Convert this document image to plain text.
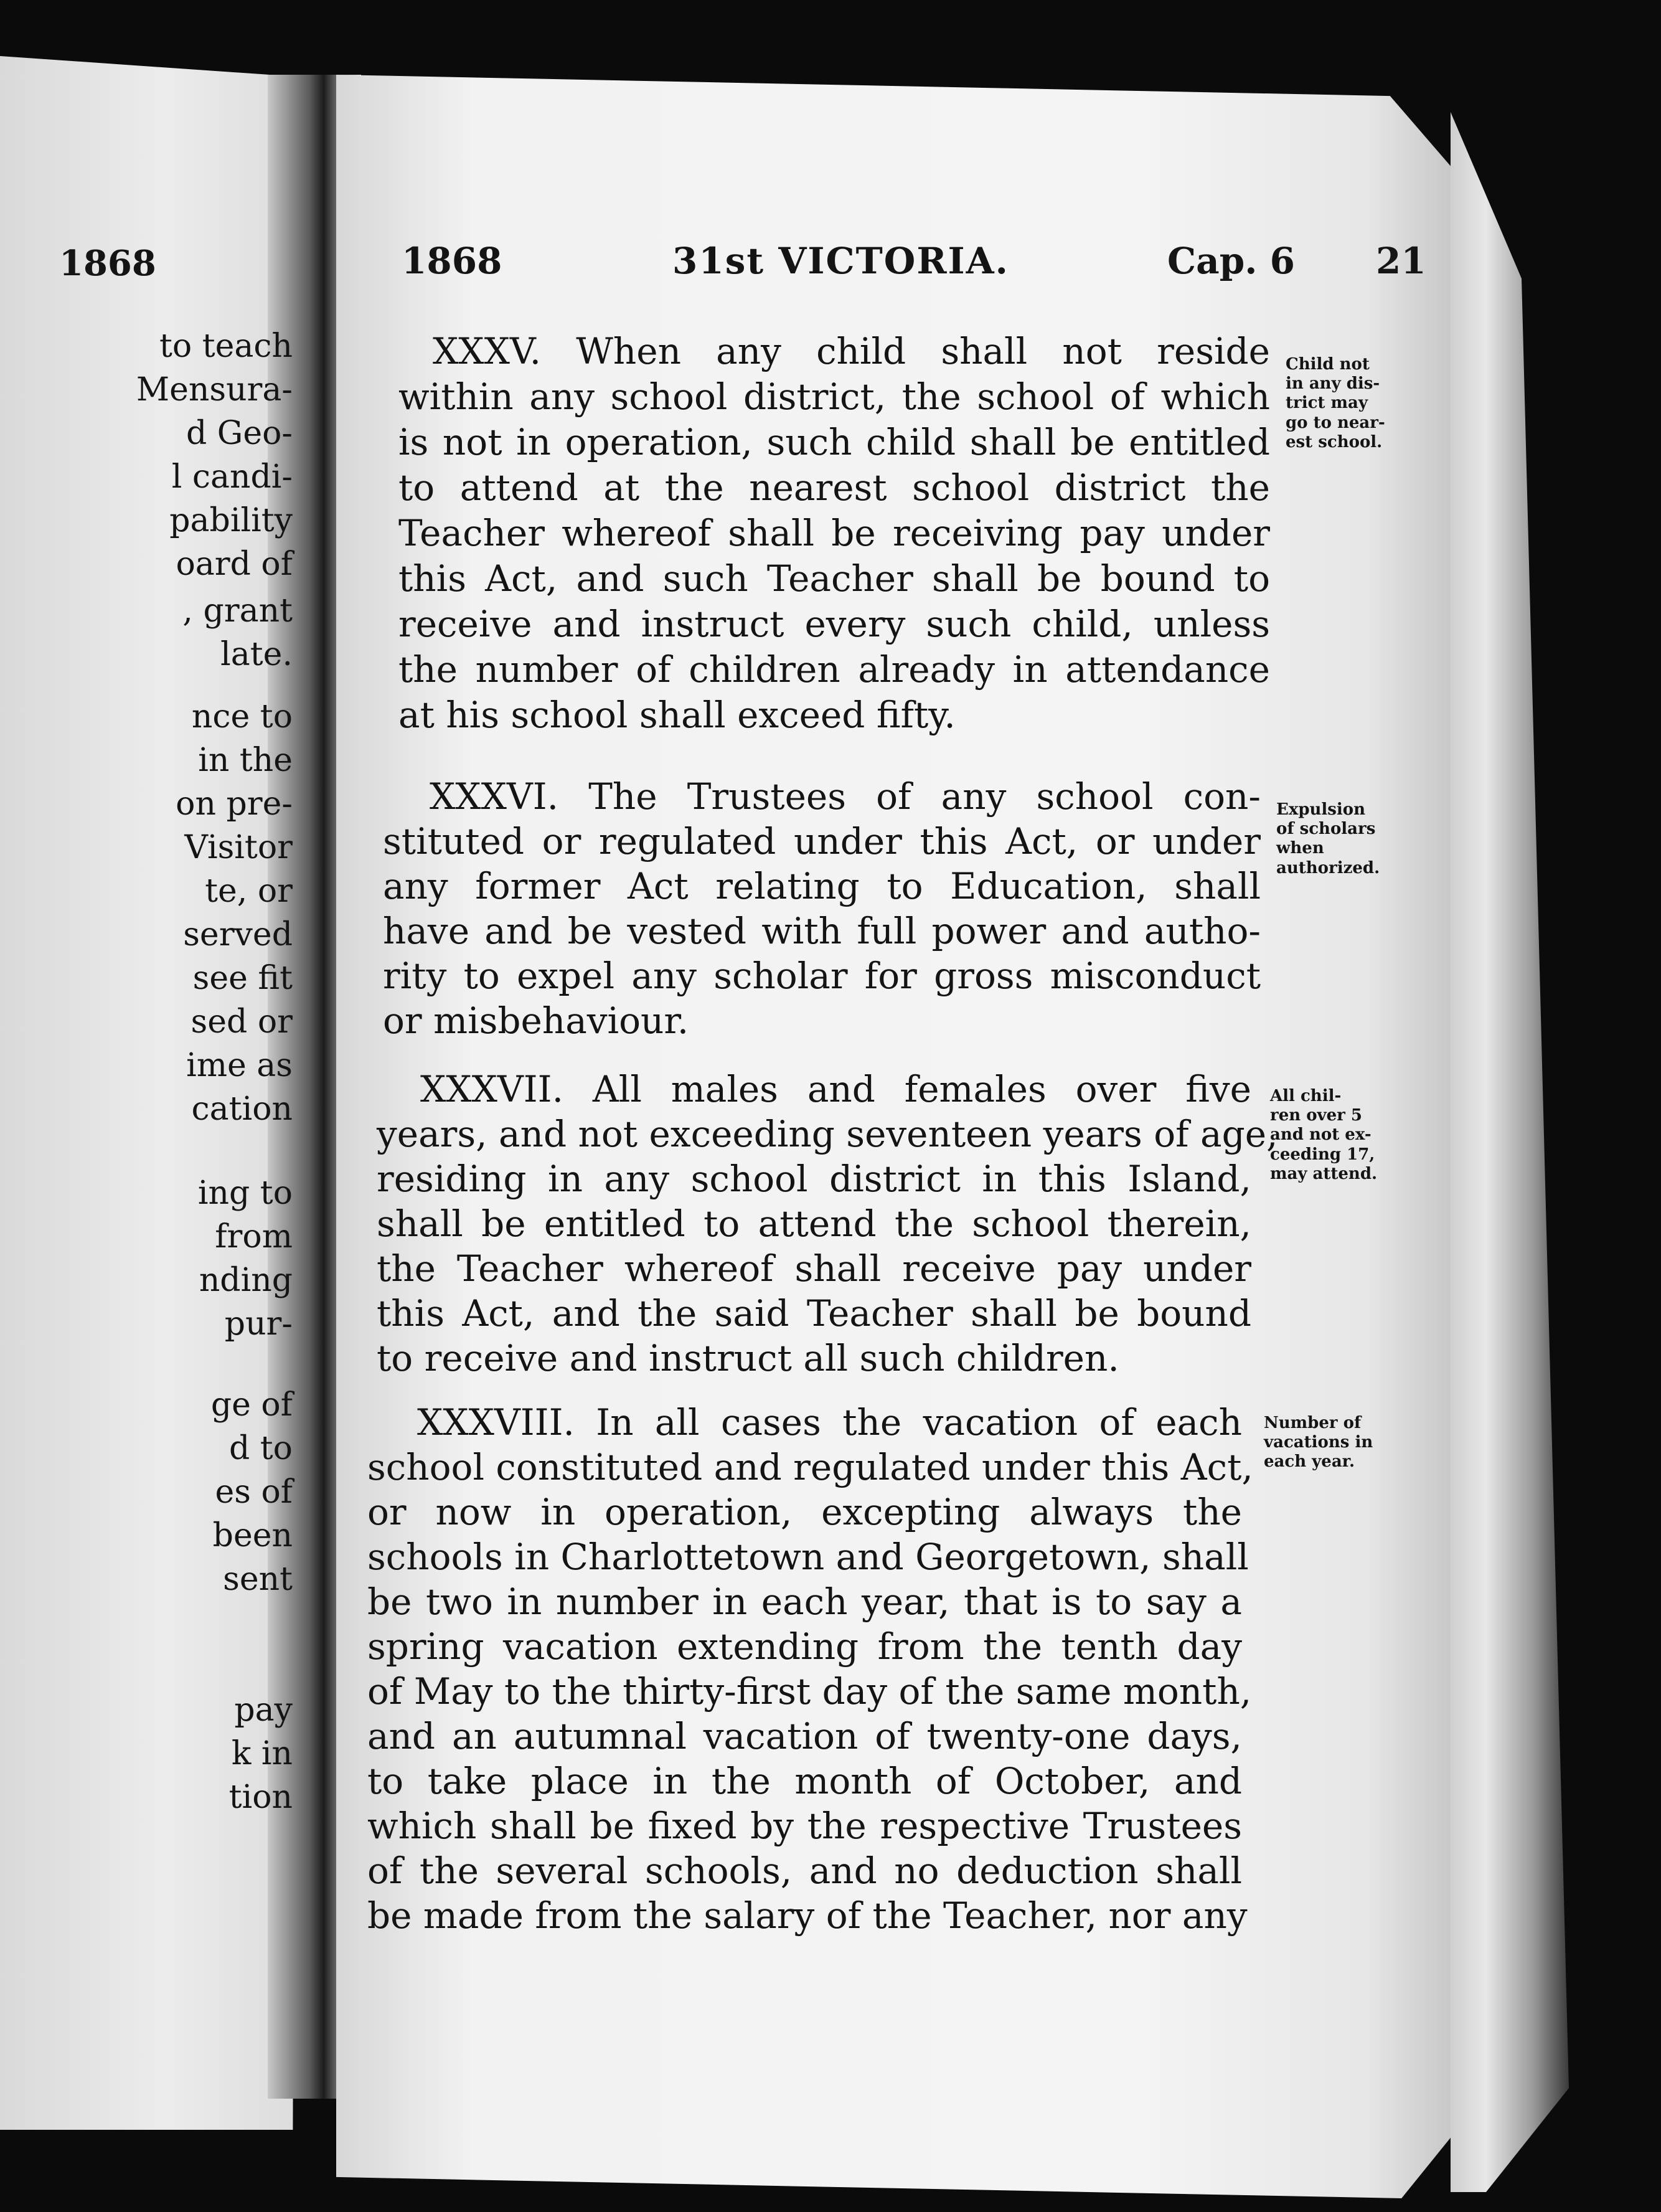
1868
to teach
Mensura-
d Geo-
l candi-
pability
oard of
, grant
late.
nce to
in the
on pre-
Visitor
te, or
served
see fit
sed or
ime as
cation
ing to
from
nding
pur-
ge of
d to
es of
been
sent
pay
k in
tion
1868	31st VICTORIA.	Cap. 6 21
XXXV. When any child shall not reside
within any school district, the school of which
is not in operation, such child shall be entitled
to attend at the nearest school district the
Teacher whereof shall be receiving pay under
this Act, and such Teacher shall be bound to
receive and instruct every such child, unless
the number of children already in attendance
at his school shall exceed fifty.
Child not
in any dis-
trict may
go to near-
est school.
XXXVI. The Trustees of any school con-
stituted or regulated under this Act, or under
any former Act relating to Education, shall
have and be vested with full power and autho-
rity to expel any scholar for gross misconduct
or misbehaviour.
Expulsion
of scholars
when
authorized.
XXXVII. All males and females over five
years, and not exceeding seventeen years of age,
residing in any school district in this Island,
shall be entitled to attend the school therein,
the Teacher whereof shall receive pay under
this Act, and the said Teacher shall be bound
to receive and instruct all such children.
All chil-
ren over 5
and not ex-
ceeding 17,
may attend.
XXXVIII. In all cases the vacation of each
school constituted and regulated under this Act,
or now in operation, excepting always the
schools in Charlottetown and Georgetown, shall
be two in number in each year, that is to say a
spring vacation extending from the tenth day
of May to the thirty-first day of the same month,
and an autumnal vacation of twenty-one days,
to take place in the month of October, and
which shall be fixed by the respective Trustees
of the several schools, and no deduction shall
be made from the salary of the Teacher, nor any
Number of
vacations in
each year.
